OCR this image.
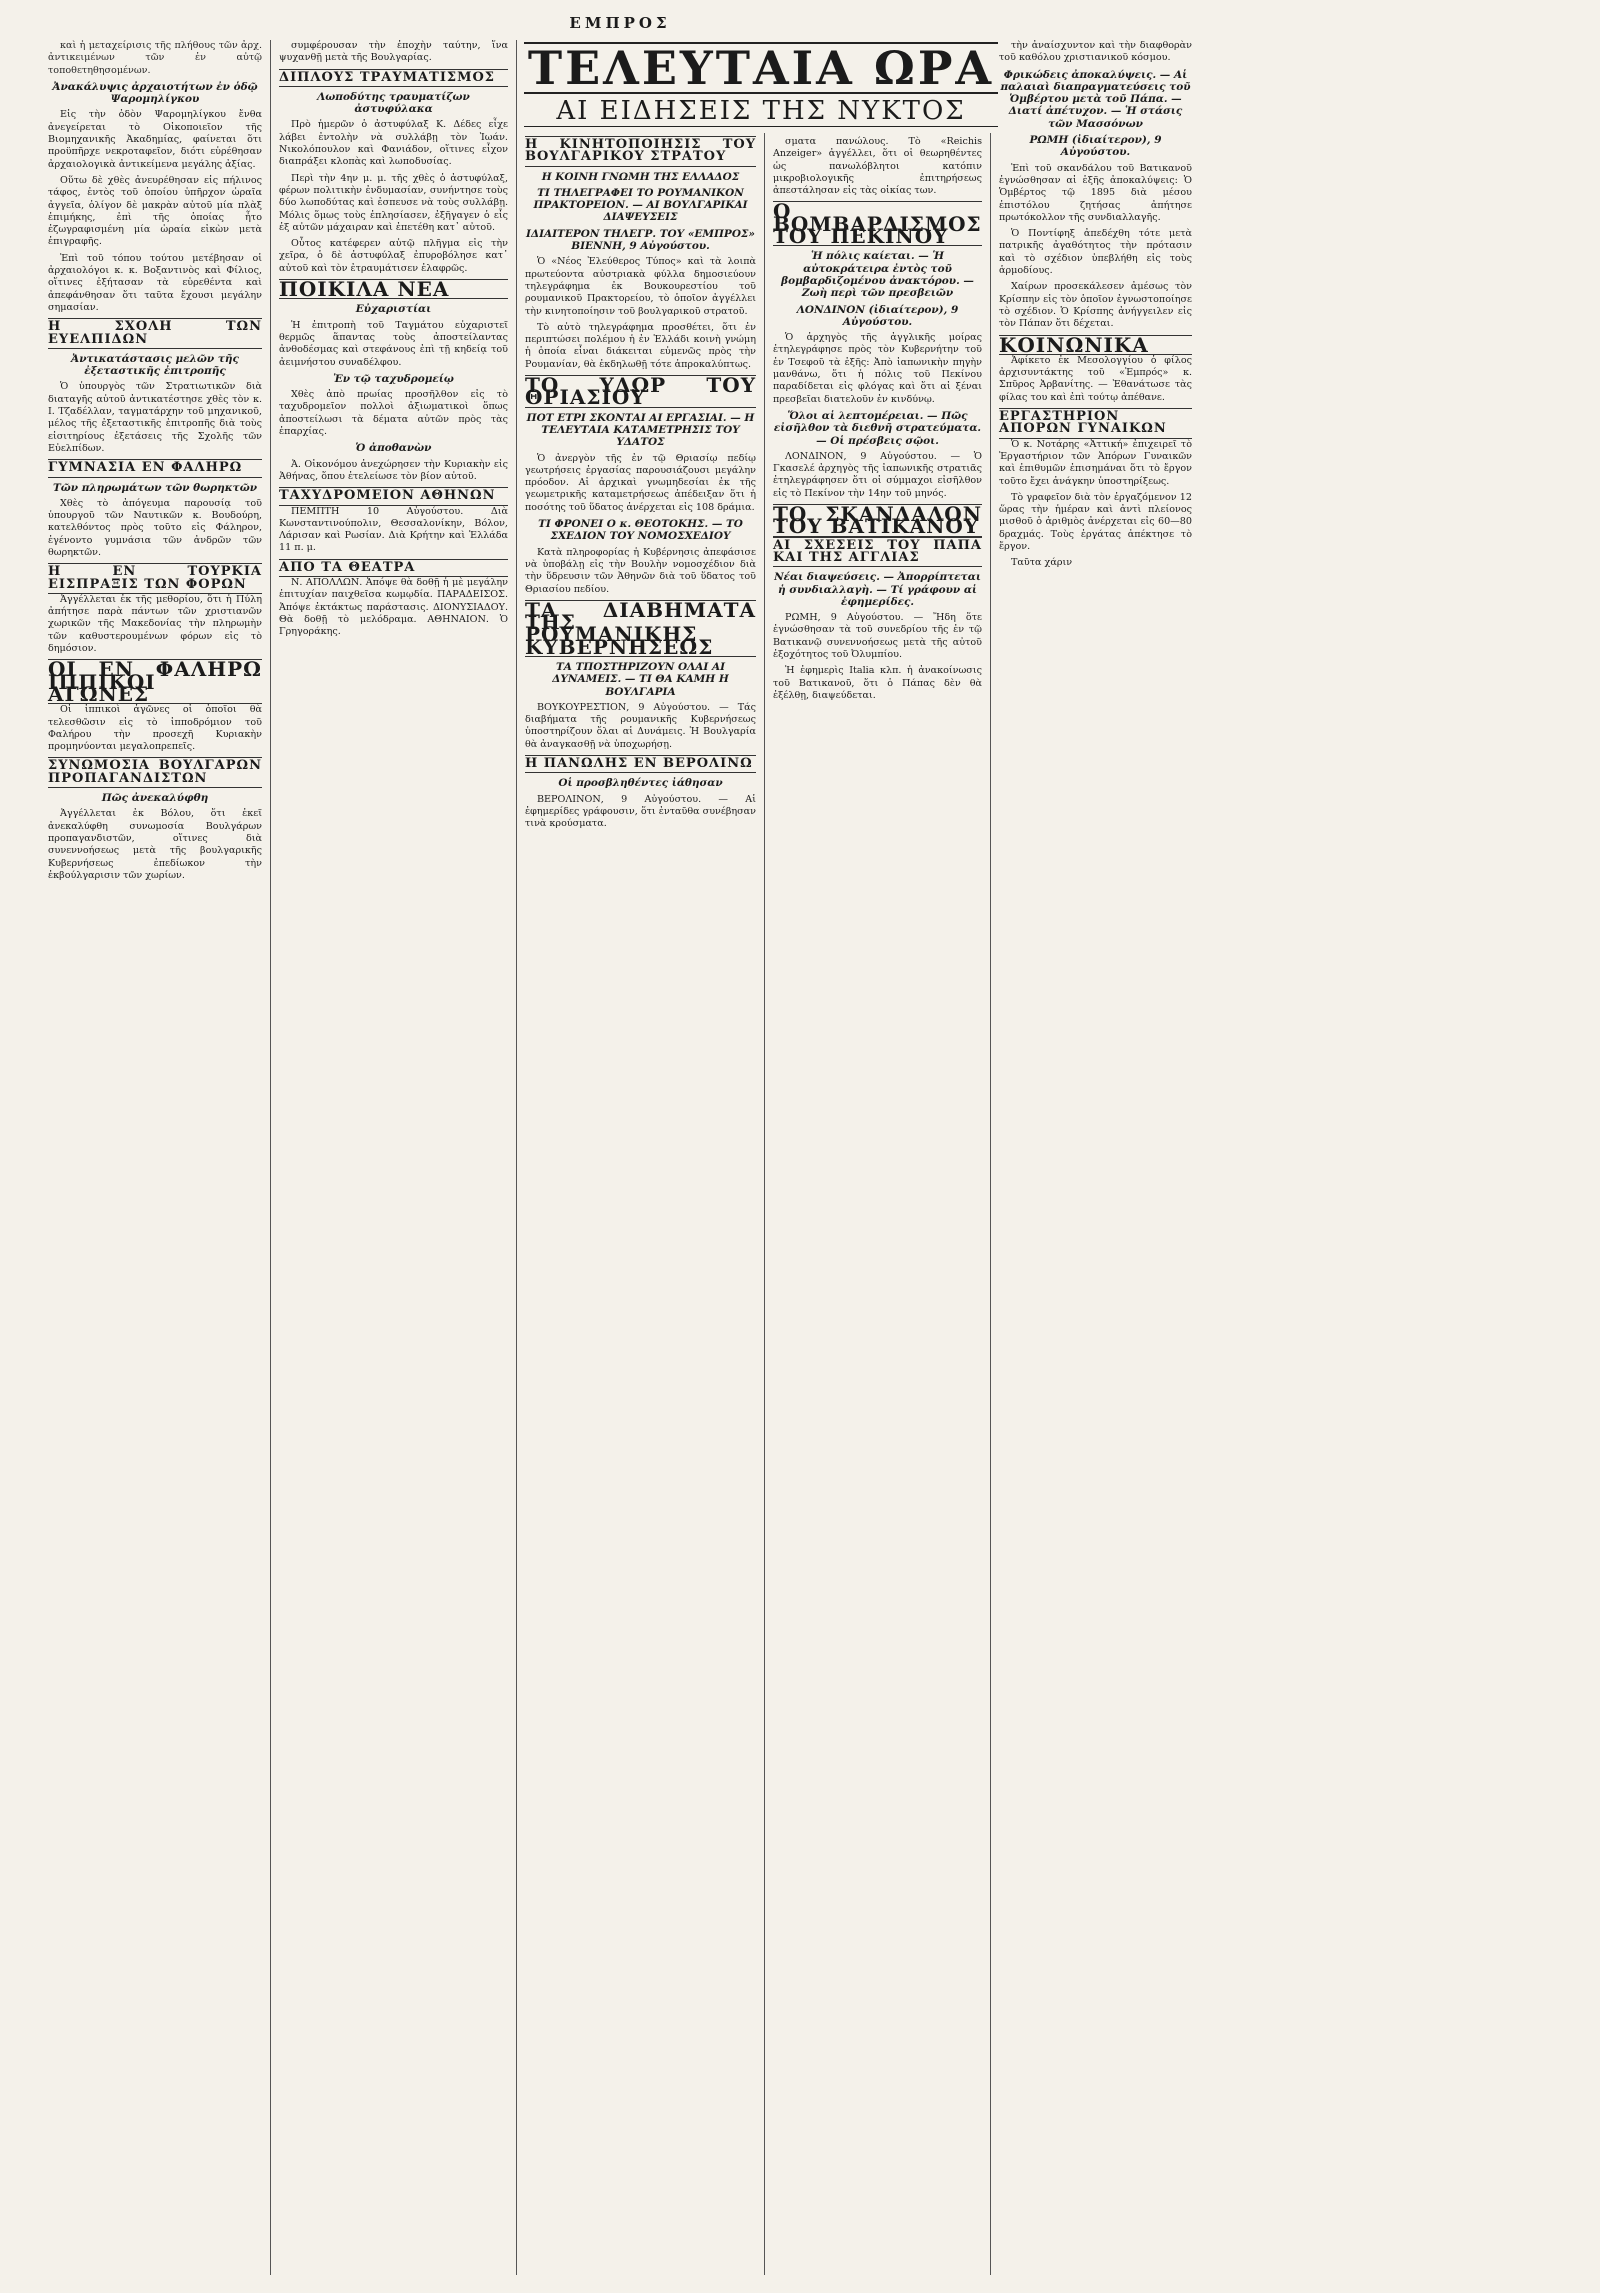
ΕΜΠΡΟΣ
ΤΕΛΕΥΤΑΙΑ ΩΡΑ
ΑΙ ΕΙΔΗΣΕΙΣ ΤΗΣ ΝΥΚΤΟΣ

καὶ ἡ μεταχείρισις τῆς πλήθους τῶν ἀρχ. ἀντικειμένων τῶν ἐν αὐτῷ τοποθετηθησομένων.

Ἀνακάλυψις ἀρχαιοτήτων ἐν ὁδῷ Ψαρομηλίγκου

Εἰς τὴν ὁδὸν Ψαρομηλίγκου ἔνθα ἀνεγείρεται τὸ Οἰκοποιεῖον τῆς Βιομηχανικῆς Ἀκαδημίας, φαίνεται ὅτι προϋπῆρχε νεκροταφεῖον, διότι εὑρέθησαν ἀρχαιολογικὰ ἀντικείμενα μεγάλης ἀξίας.

Οὕτω δὲ χθὲς ἀνευρέθησαν εἰς πήλινος τάφος, ἐντὸς τοῦ ὁποίου ὑπῆρχον ὡραῖα ἀγγεῖα, ὀλίγον δὲ μακρὰν αὐτοῦ μία πλὰξ ἐπιμήκης, ἐπὶ τῆς ὁποίας ἦτο ἐζωγραφισμένη μία ὡραία εἰκὼν μετὰ ἐπιγραφῆς.

Ἐπὶ τοῦ τόπου τούτου μετέβησαν οἱ ἀρχαιολόγοι κ. κ. Βοξαντινὸς καὶ Φίλιος, οἵτινες ἐξήτασαν τὰ εὑρεθέντα καὶ ἀπεφάνθησαν ὅτι ταῦτα ἔχουσι μεγάλην σημασίαν.

Η ΣΧΟΛΗ ΤΩΝ ΕΥΕΛΠΙΔΩΝ
Ἀντικατάστασις μελῶν τῆς ἐξεταστικῆς ἐπιτροπῆς

Ὁ ὑπουργὸς τῶν Στρατιωτικῶν διὰ διαταγῆς αὐτοῦ ἀντικατέστησε χθὲς τὸν κ. Ι. Τζαδέλλαν, ταγματάρχην τοῦ μηχανικοῦ, μέλος τῆς ἐξεταστικῆς ἐπιτροπῆς διὰ τοὺς εἰσιτηρίους ἐξετάσεις τῆς Σχολῆς τῶν Εὐελπίδων.

ΓΥΜΝΑΣΙΑ ΕΝ ΦΑΛΗΡΩ
Τῶν πληρωμάτων τῶν θωρηκτῶν

Χθὲς τὸ ἀπόγευμα παρουσίᾳ τοῦ ὑπουργοῦ τῶν Ναυτικῶν κ. Βουδούρη, κατελθόντος πρὸς τοῦτο εἰς Φάληρον, ἐγένοντο γυμνάσια τῶν ἀνδρῶν τῶν θωρηκτῶν.

Η ΕΝ ΤΟΥΡΚΙΑ ΕΙΣΠΡΑΞΙΣ ΤΩΝ ΦΟΡΩΝ

Ἀγγέλλεται ἐκ τῆς μεθορίου, ὅτι ἡ Πύλη ἀπήτησε παρὰ πάντων τῶν χριστιανῶν χωρικῶν τῆς Μακεδονίας τὴν πληρωμὴν τῶν καθυστερουμένων φόρων εἰς τὸ δημόσιον.

ΟΙ ΕΝ ΦΑΛΗΡΩ ΙΠΠΙΚΟΙ ΑΓΩΝΕΣ

Οἱ ἱππικοὶ ἀγῶνες οἱ ὁποῖοι θὰ τελεσθῶσιν εἰς τὸ ἱπποδρόμιον τοῦ Φαλήρου τὴν προσεχῆ Κυριακὴν προμηνύονται μεγαλοπρεπεῖς.

ΣΥΝΩΜΟΣΙΑ ΒΟΥΛΓΑΡΩΝ ΠΡΟΠΑΓΑΝΔΙΣΤΩΝ
Πῶς ἀνεκαλύφθη

Ἀγγέλλεται ἐκ Βόλου, ὅτι ἐκεῖ ἀνεκαλύφθη συνωμοσία Βουλγάρων προπαγανδιστῶν, οἵτινες διὰ συνεννοήσεως μετὰ τῆς βουλγαρικῆς Κυβερνήσεως ἐπεδίωκον τὴν ἐκβούλγαρισιν τῶν χωρίων.

συμφέρουσαν τὴν ἐποχὴν ταύτην, ἵνα ψυχανθῇ μετὰ τῆς Βουλγαρίας.

ΔΙΠΛΟΥΣ ΤΡΑΥΜΑΤΙΣΜΟΣ
Λωποδύτης τραυματίζων ἀστυφύλακα

Πρὸ ἡμερῶν ὁ ἀστυφύλαξ Κ. Δέδες εἶχε λάβει ἐντολὴν νὰ συλλάβῃ τὸν Ἰωάν. Νικολόπουλον καὶ Φανιάδον, οἵτινες εἶχον διαπράξει κλοπὰς καὶ λωποδυσίας.

Περὶ τὴν 4ην μ. μ. τῆς χθὲς ὁ ἀστυφύλαξ, φέρων πολιτικὴν ἐνδυμασίαν, συνήντησε τοὺς δύο λωποδύτας καὶ ἐσπευσε νὰ τοὺς συλλάβῃ. Μόλις ὅμως τοὺς ἐπλησίασεν, ἐξῆγαγεν ὁ εἷς ἐξ αὐτῶν μάχαιραν καὶ ἐπετέθη κατ᾽ αὐτοῦ.

Οὗτος κατέφερεν αὐτῷ πλῆγμα εἰς τὴν χεῖρα, ὁ δὲ ἀστυφύλαξ ἐπυροβόλησε κατ᾽ αὐτοῦ καὶ τὸν ἐτραυμάτισεν ἐλαφρῶς.

ΠΟΙΚΙΛΑ ΝΕΑ
Εὐχαριστίαι

Ἡ ἐπιτροπὴ τοῦ Ταγμάτου εὐχαριστεῖ θερμῶς ἅπαντας τοὺς ἀποστείλαντας ἀνθοδέσμας καὶ στεφάνους ἐπὶ τῇ κηδείᾳ τοῦ ἀειμνήστου συναδέλφου.

Ἐν τῷ ταχυδρομείῳ

Χθὲς ἀπὸ πρωίας προσῆλθον εἰς τὸ ταχυδρομεῖον πολλοὶ ἀξιωματικοὶ ὅπως ἀποστείλωσι τὰ δέματα αὐτῶν πρὸς τὰς ἐπαρχίας.

Ὁ ἀποθανὼν

Ἀ. Οἰκονόμου ἀνεχώρησεν τὴν Κυριακὴν εἰς Ἀθήνας, ὅπου ἐτελείωσε τὸν βίον αὐτοῦ.

ΤΑΧΥΔΡΟΜΕΙΟΝ ΑΘΗΝΩΝ

ΠΕΜΠΤΗ 10 Αὐγούστου. Διὰ Κωνσταντινούπολιν, Θεσσαλονίκην, Βόλον, Λάρισαν καὶ Ρωσίαν. Διὰ Κρήτην καὶ Ἑλλάδα 11 π. μ.

ΑΠΟ ΤΑ ΘΕΑΤΡΑ

Ν. ΑΠΟΛΛΩΝ. Ἀπόψε θὰ δοθῇ ἡ μὲ μεγάλην ἐπιτυχίαν παιχθεῖσα κωμῳδία. ΠΑΡΑΔΕΙΣΟΣ. Ἀπόψε ἐκτάκτως παράστασις. ΔΙΟΝΥΣΙΑΔΟΥ. Θὰ δοθῇ τὸ μελόδραμα. ΑΘΗΝΑΙΟΝ. Ὁ Γρηγοράκης.

Η ΚΙΝΗΤΟΠΟΙΗΣΙΣ ΤΟΥ ΒΟΥΛΓΑΡΙΚΟΥ ΣΤΡΑΤΟΥ
Η ΚΟΙΝΗ ΓΝΩΜΗ ΤΗΣ ΕΛΛΑΔΟΣ
ΤΙ ΤΗΛΕΓΡΑΦΕΙ ΤΟ ΡΟΥΜΑΝΙΚΟΝ ΠΡΑΚΤΟΡΕΙΟΝ. — ΑΙ ΒΟΥΛΓΑΡΙΚΑΙ ΔΙΑΨΕΥΣΕΙΣ
ΙΔΙΑΙΤΕΡΟΝ ΤΗΛΕΓΡ. ΤΟΥ «ΕΜΠΡΟΣ» ΒΙΕΝΝΗ, 9 Αὐγούστου.

Ὁ «Νέος Ἐλεύθερος Τύπος» καὶ τὰ λοιπὰ πρωτεύοντα αὐστριακὰ φύλλα δημοσιεύουν τηλεγράφημα ἐκ Βουκουρεστίου τοῦ ρουμανικοῦ Πρακτορείου, τὸ ὁποῖον ἀγγέλλει τὴν κινητοποίησιν τοῦ βουλγαρικοῦ στρατοῦ.

Τὸ αὐτὸ τηλεγράφημα προσθέτει, ὅτι ἐν περιπτώσει πολέμου ἡ ἐν Ἑλλάδι κοινὴ γνώμη ἡ ὁποία εἶναι διάκειται εὐμενῶς πρὸς τὴν Ρουμανίαν, θὰ ἐκδηλωθῇ τότε ἀπροκαλύπτως.

ΤΟ ΥΔΩΡ ΤΟΥ ΘΡΙΑΣΙΟΥ
ΠΟΤ ΕΤΡΙ ΣΚΟΝΤΑΙ ΑΙ ΕΡΓΑΣΙΑΙ. — Η ΤΕΛΕΥΤΑΙΑ ΚΑΤΑΜΕΤΡΗΣΙΣ ΤΟΥ ΥΔΑΤΟΣ

Ὁ ἀνεργὸν τῆς ἐν τῷ Θριασίῳ πεδίῳ γεωτρήσεις ἐργασίας παρουσιάζουσι μεγάλην πρόοδον. Αἱ ἀρχικαὶ γνωμηδεσίαι ἐκ τῆς γεωμετρικῆς καταμετρήσεως ἀπέδειξαν ὅτι ἡ ποσότης τοῦ ὕδατος ἀνέρχεται εἰς 108 δράμια.

ΤΙ ΦΡΟΝΕΙ Ο κ. ΘΕΟΤΟΚΗΣ. — ΤΟ ΣΧΕΔΙΟΝ ΤΟΥ ΝΟΜΟΣΧΕΔΙΟΥ

Κατὰ πληροφορίας ἡ Κυβέρνησις ἀπεφάσισε νὰ ὑποβάλῃ εἰς τὴν Βουλὴν νομοσχέδιον διὰ τὴν ὕδρευσιν τῶν Ἀθηνῶν διὰ τοῦ ὕδατος τοῦ Θριασίου πεδίου.

ΤΑ ΔΙΑΒΗΜΑΤΑ ΤΗΣ ΡΟΥΜΑΝΙΚΗΣ ΚΥΒΕΡΝΗΣΕΩΣ
ΤΑ ΤΠΟΣΤΗΡΙΖΟΥΝ ΟΛΑΙ ΑΙ ΔΥΝΑΜΕΙΣ. — ΤΙ ΘΑ ΚΑΜΗ Η ΒΟΥΛΓΑΡΙΑ

ΒΟΥΚΟΥΡΕΣΤΙΟΝ, 9 Αὐγούστου. — Τάς διαβήματα τῆς ρουμανικῆς Κυβερνήσεως ὑποστηρίζουν ὅλαι αἱ Δυνάμεις. Ἡ Βουλγαρία θὰ ἀναγκασθῇ νὰ ὑποχωρήσῃ.

Η ΠΑΝΩΛΗΣ ΕΝ ΒΕΡΟΛΙΝΩ
Οἱ προσβληθέντες ἰάθησαν

ΒΕΡΟΛΙΝΟΝ, 9 Αὐγούστου. — Αἱ ἐφημερίδες γράφουσιν, ὅτι ἐνταῦθα συνέβησαν τινὰ κρούσματα.

σματα πανώλους. Τὸ «Reichis Anzeiger» ἀγγέλλει, ὅτι οἱ θεωρηθέντες ὡς πανωλόβλητοι κατόπιν μικροβιολογικῆς ἐπιτηρήσεως ἀπεστάλησαν εἰς τὰς οἰκίας των.

Ο ΒΟΜΒΑΡΔΙΣΜΟΣ ΤΟΥ ΠΕΚΙΝΟΥ
Ἡ πόλις καίεται. — Ἡ αὐτοκράτειρα ἐντὸς τοῦ βομβαρδιζομένου ἀνακτόρου. — Ζωὴ περὶ τῶν πρεσβειῶν
ΛΟΝΔΙΝΟΝ (ἰδιαίτερον), 9 Αὐγούστου.

Ὁ ἀρχηγὸς τῆς ἀγγλικῆς μοίρας ἐτηλεγράφησε πρὸς τὸν Κυβερνήτην τοῦ ἐν Τσεφοῦ τὰ ἑξῆς: Ἀπὸ ἱαπωνικὴν πηγὴν μανθάνω, ὅτι ἡ πόλις τοῦ Πεκίνου παραδίδεται εἰς φλόγας καὶ ὅτι αἱ ξέναι πρεσβεῖαι διατελοῦν ἐν κινδύνῳ.

Ὅλοι αἱ λεπτομέρειαι. — Πῶς εἰσῆλθον τὰ διεθνῆ στρατεύματα. — Οἱ πρέσβεις σῷοι.

ΛΟΝΔΙΝΟΝ, 9 Αὐγούστου. — Ὁ Γκασελέ ἀρχηγὸς τῆς ἰαπωνικῆς στρατιᾶς ἐτηλεγράφησεν ὅτι οἱ σύμμαχοι εἰσῆλθον εἰς τὸ Πεκίνον τὴν 14ην τοῦ μηνός.

ΤΟ ΣΚΑΝΔΑΛΟΝ ΤΟΥ ΒΑΤΙΚΑΝΟΥ
ΑΙ ΣΧΕΣΕΙΣ ΤΟΥ ΠΑΠΑ ΚΑΙ ΤΗΣ ΑΓΓΛΙΑΣ
Νέαι διαψεύσεις. — Ἀπορρίπτεται ἡ συνδιαλλαγὴ. — Τί γράφουν αἱ ἐφημερίδες.

ΡΩΜΗ, 9 Αὐγούστου. — Ἤδη ὅτε ἐγνώσθησαν τὰ τοῦ συνεδρίου τῆς ἐν τῷ Βατικανῷ συνεννοήσεως μετὰ τῆς αὐτοῦ ἐξοχότητος τοῦ Ὀλυμπίου.

Ἡ ἐφημερὶς Italia κλπ. ἡ ἀνακοίνωσις τοῦ Βατικανοῦ, ὅτι ὁ Πάπας δὲν θὰ ἐξέλθῃ, διαψεύδεται.

τὴν ἀναίσχυντον καὶ τὴν διαφθορὰν τοῦ καθόλου χριστιανικοῦ κόσμου.

Φρικώδεις ἀποκαλύψεις. — Αἱ παλαιαὶ διαπραγματεύσεις τοῦ Ὁμβέρτου μετὰ τοῦ Πάπα. — Διατί ἀπέτυχον. — Ἡ στάσις τῶν Μασσόνων
ΡΩΜΗ (ἰδιαίτερον), 9 Αὐγούστου.

Ἐπὶ τοῦ σκανδάλου τοῦ Βατικανοῦ ἐγνώσθησαν αἱ ἑξῆς ἀποκαλύψεις: Ὁ Ὁμβέρτος τῷ 1895 διὰ μέσου ἐπιστόλου ζητήσας ἀπήτησε πρωτόκολλον τῆς συνδιαλλαγῆς.

Ὁ Ποντίφηξ ἀπεδέχθη τότε μετὰ πατρικῆς ἀγαθότητος τὴν πρότασιν καὶ τὸ σχέδιον ὑπεβλήθη εἰς τοὺς ἁρμοδίους.

Χαίρων προσεκάλεσεν ἀμέσως τὸν Κρίσπην εἰς τὸν ὁποῖον ἐγνωστοποίησε τὸ σχέδιον. Ὁ Κρίσπης ἀνήγγειλεν εἰς τὸν Πάπαν ὅτι δέχεται.

ΚΟΙΝΩΝΙΚΑ

Ἀφίκετο ἐκ Μεσολογγίου ὁ φίλος ἀρχισυντάκτης τοῦ «Ἐμπρός» κ. Σπῦρος Ἀρβανίτης. — Ἐθανάτωσε τὰς φίλας του καὶ ἐπὶ τούτῳ ἀπέθανε.

ΕΡΓΑΣΤΗΡΙΟΝ ΑΠΟΡΩΝ ΓΥΝΑΙΚΩΝ

Ὁ κ. Νοτάρης «Ἀττική» ἐπιχειρεῖ τὸ Ἐργαστήριον τῶν Ἀπόρων Γυναικῶν καὶ ἐπιθυμῶν ἐπισημάναι ὅτι τὸ ἔργον τοῦτο ἔχει ἀνάγκην ὑποστηρίξεως.

Τὸ γραφεῖον διὰ τὸν ἐργαζόμενον 12 ὥρας τὴν ἡμέραν καὶ ἀντὶ πλείονος μισθοῦ ὁ ἀριθμὸς ἀνέρχεται εἰς 60—80 δραχμάς. Τοὺς ἐργάτας ἀπέκτησε τὸ ἔργον.

Ταῦτα χάριν
